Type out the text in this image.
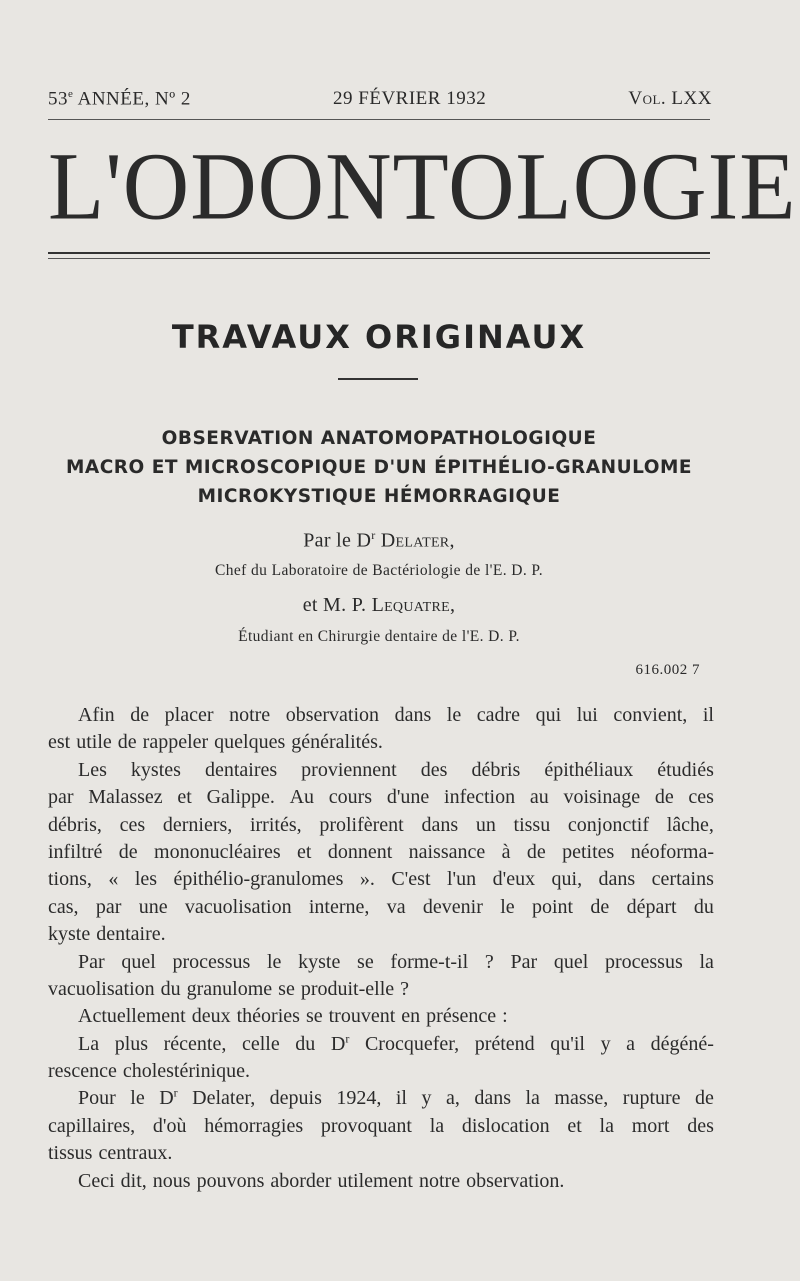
53e ANNÉE, Nº 2	29 FÉVRIER 1932	Vol. LXX
L'ODONTOLOGIE
TRAVAUX ORIGINAUX
OBSERVATION ANATOMOPATHOLOGIQUE
MACRO ET MICROSCOPIQUE D'UN ÉPITHÉLIO-GRANULOME
MICROKYSTIQUE HÉMORRAGIQUE
Par le $D^r$ Delater,
Chef du Laboratoire de Bactériologie de l'E. D. P.
et M. P. Lequatre,
Étudiant en Chirurgie dentaire de l'E. D. P.
616.002 7
Afin de placer notre observation dans le cadre qui lui convient, il
est utile de rappeler quelques généralités.
Les kystes dentaires proviennent des débris épithéliaux étudiés
par Malassez et Galippe. Au cours d'une infection au voisinage de ces
débris, ces derniers, irrités, prolifèrent dans un tissu conjonctif lâche,
infiltré de mononucléaires et donnent naissance à de petites néoforma-
tions, « les épithélio-granulomes ». C'est l'un d'eux qui, dans certains
cas, par une vacuolisation interne, va devenir le point de départ du
kyste dentaire.
Par quel processus le kyste se forme-t-il ? Par quel processus la
vacuolisation du granulome se produit-elle ?
Actuellement deux théories se trouvent en présence :
La plus récente, celle du $D^r$ Crocquefer, prétend qu'il y a dégéné-
rescence cholestérinique.
Pour le $D^r$ Delater, depuis 1924, il y a, dans la masse, rupture de
capillaires, d'où hémorragies provoquant la dislocation et la mort des
tissus centraux.
Ceci dit, nous pouvons aborder utilement notre observation.
